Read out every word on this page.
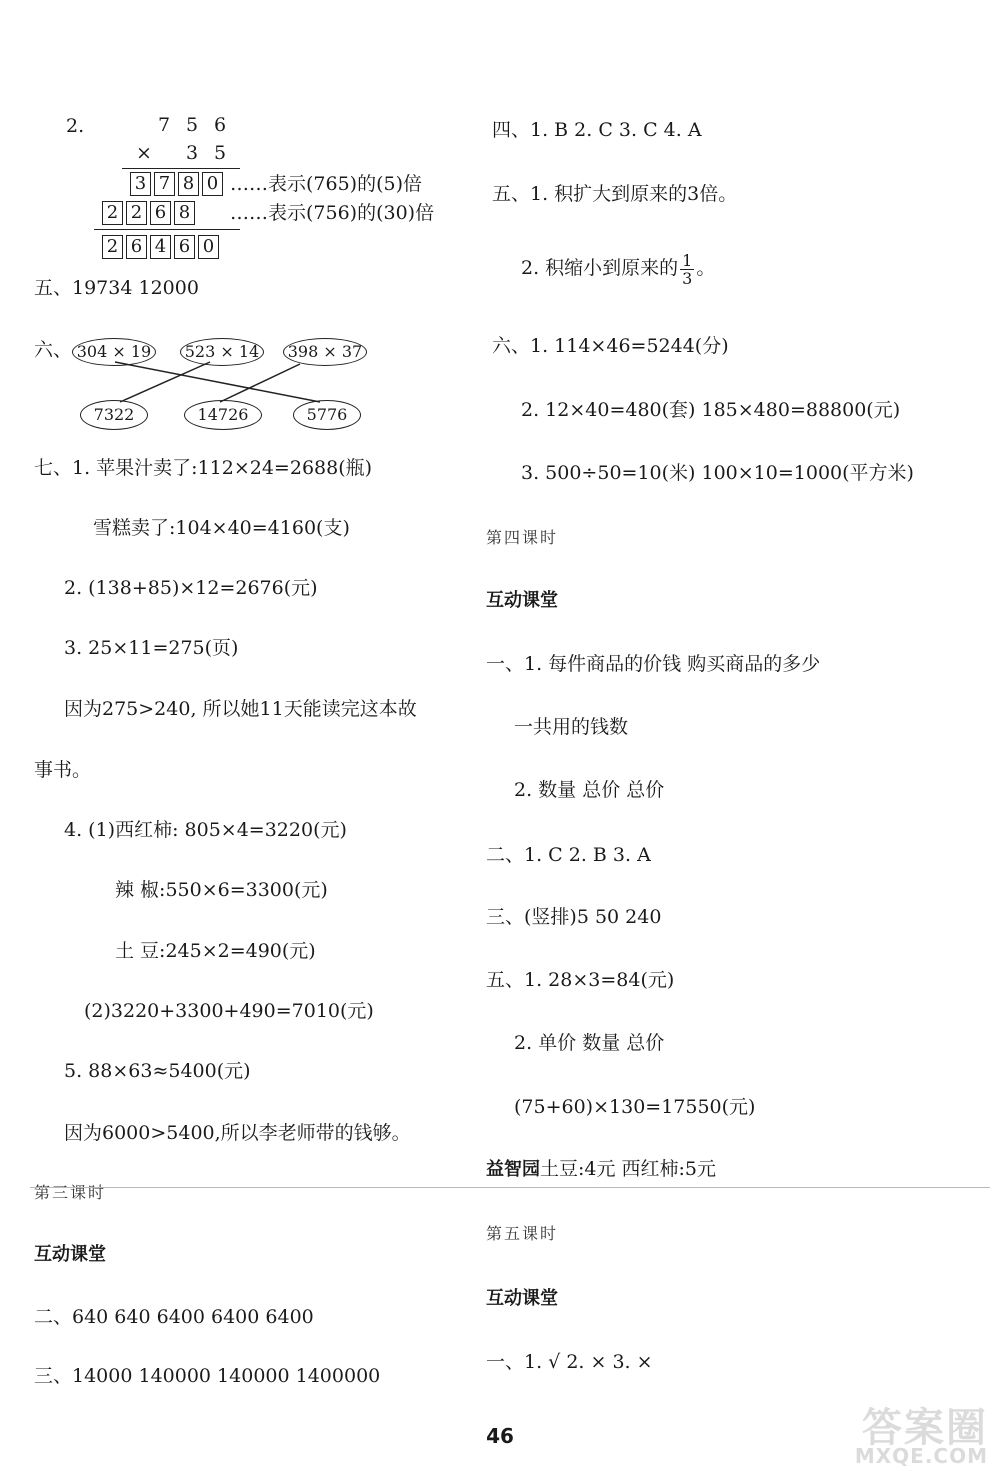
2.	7 5 6
× 3 5
3 7 8 0 ……表示(765)的(5)倍
2 2 6 8 ……表示(756)的(30)倍
2 6 4 6 0
五、19734 12000
六、 304 × 19 523 × 14 398 × 37
7322	14726	5776
七、1. 苹果汁卖了:112×24=2688(瓶)
雪糕卖了:104×40=4160(支)
2. (138+85)×12=2676(元)
3. 25×11=275(页)
因为275>240, 所以她11天能读完这本故
事书。
4. (1)西红柿: 805×4=3220(元)
辣 椒:550×6=3300(元)
土 豆:245×2=490(元)
(2)3220+3300+490=7010(元)
5. 88×63≈5400(元)
因为6000>5400,所以李老师带的钱够。
第三课时
互动课堂
二、640 640 6400 6400 6400
三、14000 140000 140000 1400000
四、1. B 2. C 3. C 4. A
五、1. 积扩大到原来的3倍。
2. 积缩小到原来的 $\frac{1}{3}$ 。
六、1. 114×46=5244(分)
2. 12×40=480(套) 185×480=88800(元)
3. 500÷50=10(米) 100×10=1000(平方米)
第四课时
互动课堂
一、1. 每件商品的价钱 购买商品的多少
一共用的钱数
2. 数量 总价 总价
二、1. C 2. B 3. A
三、(竖排)5 50 240
五、1. 28×3=84(元)
2. 单价 数量 总价
(75+60)×130=17550(元)
益智园土豆:4元 西红柿:5元
第五课时
互动课堂
一、1. √ 2. × 3. ×
46	答案圈
MXQE.COM
